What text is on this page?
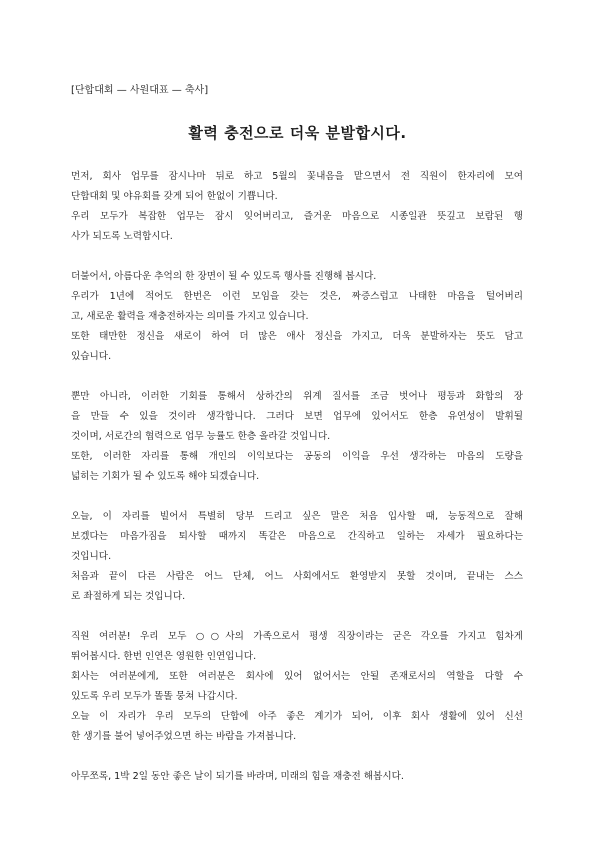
[단합대회 — 사원대표 — 축사]
활력 충전으로 더욱 분발합시다.
먼저, 회사 업무를 잠시나마 뒤로 하고 5월의 꽃내음을 맡으면서 전 직원이 한자리에 모여
단합대회 및 야유회를 갖게 되어 한없이 기쁩니다.
우리 모두가 복잡한 업무는 잠시 잊어버리고, 즐거운 마음으로 시종일관 뜻깊고 보람된 행
사가 되도록 노력합시다.
더불어서, 아름다운 추억의 한 장면이 될 수 있도록 행사를 진행해 봅시다.
우리가 1년에 적어도 한번은 이런 모임을 갖는 것은, 짜증스럽고 나태한 마음을 털어버리
고, 새로운 활력을 재충전하자는 의미를 가지고 있습니다.
또한 태만한 정신을 새로이 하여 더 많은 애사 정신을 가지고, 더욱 분발하자는 뜻도 담고
있습니다.
뿐만 아니라, 이러한 기회를 통해서 상하간의 위계 질서를 조금 벗어나 평등과 화합의 장
을 만들 수 있을 것이라 생각합니다. 그러다 보면 업무에 있어서도 한층 유연성이 발휘될
것이며, 서로간의 협력으로 업무 능률도 한층 올라갈 것입니다.
또한, 이러한 자리를 통해 개인의 이익보다는 공동의 이익을 우선 생각하는 마음의 도량을
넓히는 기회가 될 수 있도록 해야 되겠습니다.
오늘, 이 자리를 빌어서 특별히 당부 드리고 싶은 말은 처음 입사할 때, 능동적으로 잘해
보겠다는 마음가짐을 퇴사할 때까지 똑같은 마음으로 간직하고 일하는 자세가 필요하다는
것입니다.
처음과 끝이 다른 사람은 어느 단체, 어느 사회에서도 환영받지 못할 것이며, 끝내는 스스
로 좌절하게 되는 것입니다.
직원 여러분! 우리 모두 ○○사의 가족으로서 평생 직장이라는 굳은 각오를 가지고 힘차게
뛰어봅시다. 한번 인연은 영원한 인연입니다.
회사는 여러분에게, 또한 여러분은 회사에 있어 없어서는 안될 존재로서의 역할을 다할 수
있도록 우리 모두가 똘똘 뭉쳐 나갑시다.
오늘 이 자리가 우리 모두의 단합에 아주 좋은 계기가 되어, 이후 회사 생활에 있어 신선
한 생기를 불어 넣어주었으면 하는 바람을 가져봅니다.
아무쪼록, 1박 2일 동안 좋은 날이 되기를 바라며, 미래의 힘을 재충전 해봅시다.
